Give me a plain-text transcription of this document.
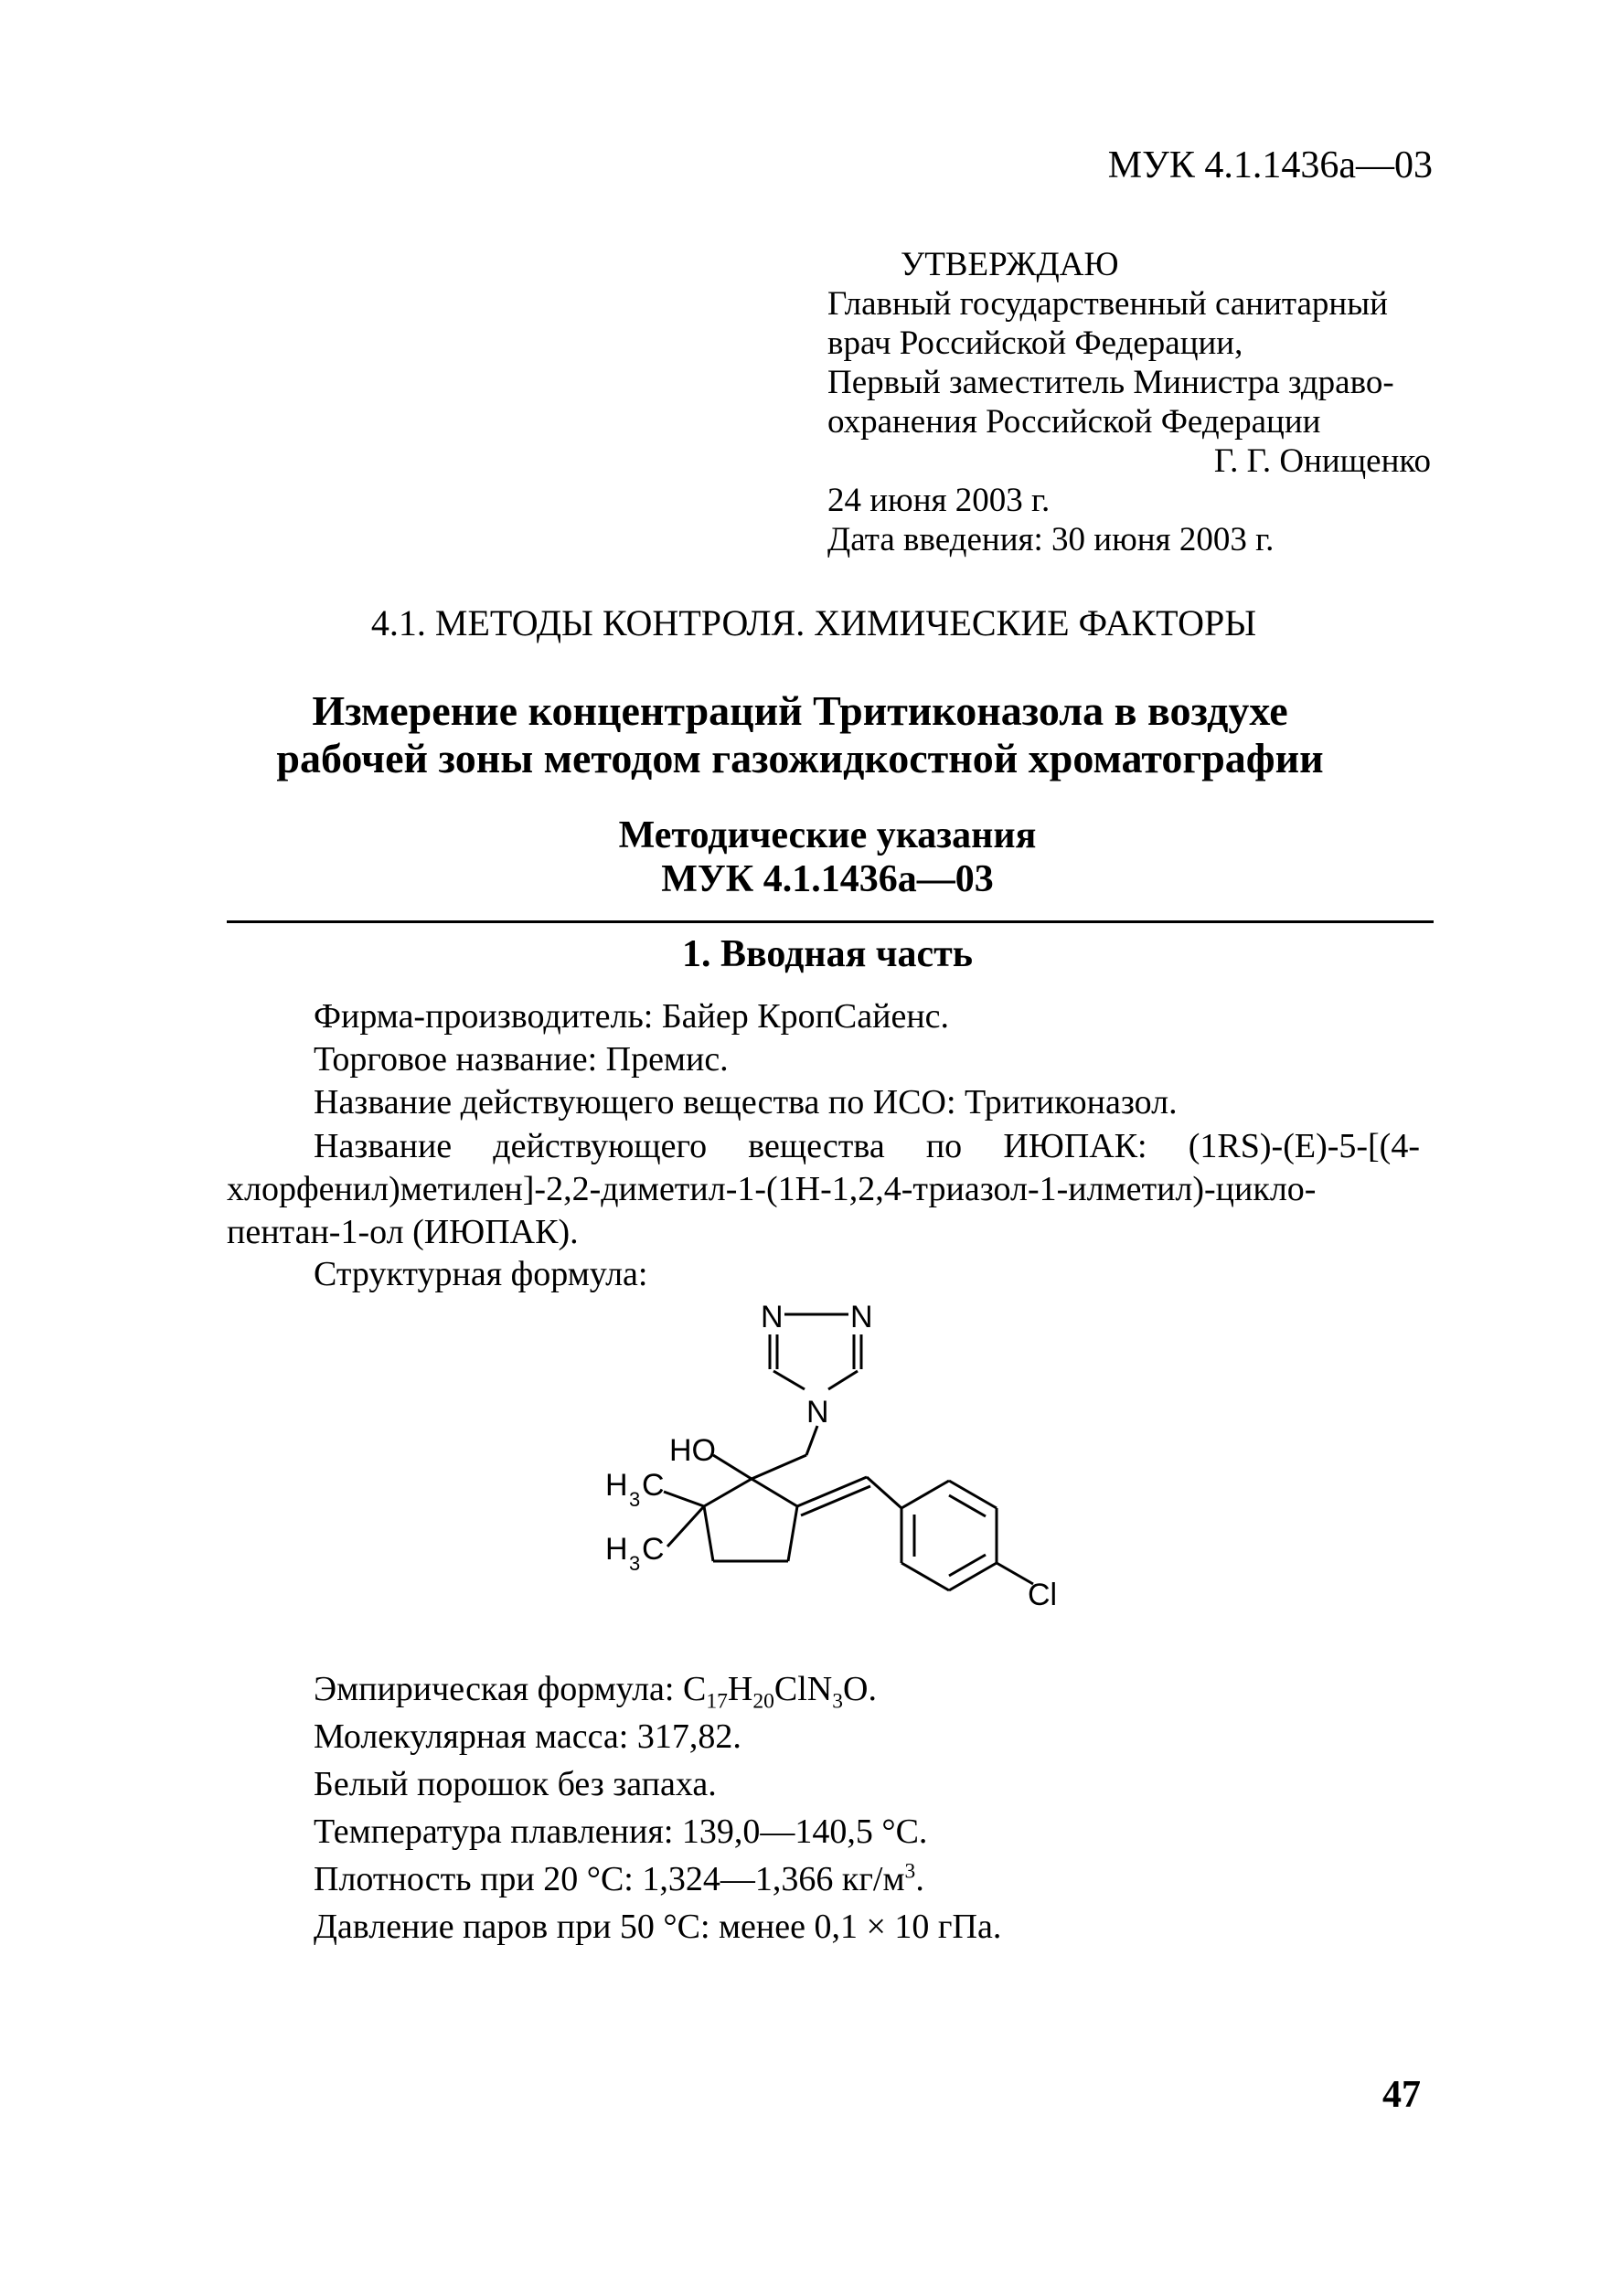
МУК 4.1.1436а—03
УТВЕРЖДАЮ
Главный государственный санитарный
врач Российской Федерации,
Первый заместитель Министра здраво-
охранения Российской Федерации
Г. Г. Онищенко
24 июня 2003 г.
Дата введения: 30 июня 2003 г.
4.1. МЕТОДЫ КОНТРОЛЯ. ХИМИЧЕСКИЕ ФАКТОРЫ
Измерение концентраций Тритиконазола в воздухе
рабочей зоны методом газожидкостной хроматографии
Методические указания
МУК 4.1.1436а—03
1. Вводная часть
Фирма-производитель: Байер КропСайенс.
Торговое название: Премис.
Название действующего вещества по ИСО: Тритиконазол.
Название действующего вещества по ИЮПАК: (1RS)-(E)-5-[(4-
хлорфенил)метилен]-2,2-диметил-1-(1Н-1,2,4-триазол-1-илметил)-цикло-
пентан-1-ол (ИЮПАК).
Структурная формула:
N N
N
HO
H 3 C
H 3 C
Cl
Эмпирическая формула: $C_{17}H_{20}ClN_3O$.
Молекулярная масса: 317,82.
Белый порошок без запаха.
Температура плавления: 139,0—140,5 °С.
Плотность при 20 °С: 1,324—1,366 $кг/м^3$.
Давление паров при 50 °С: менее 0,1 × 10 гПа.
47
